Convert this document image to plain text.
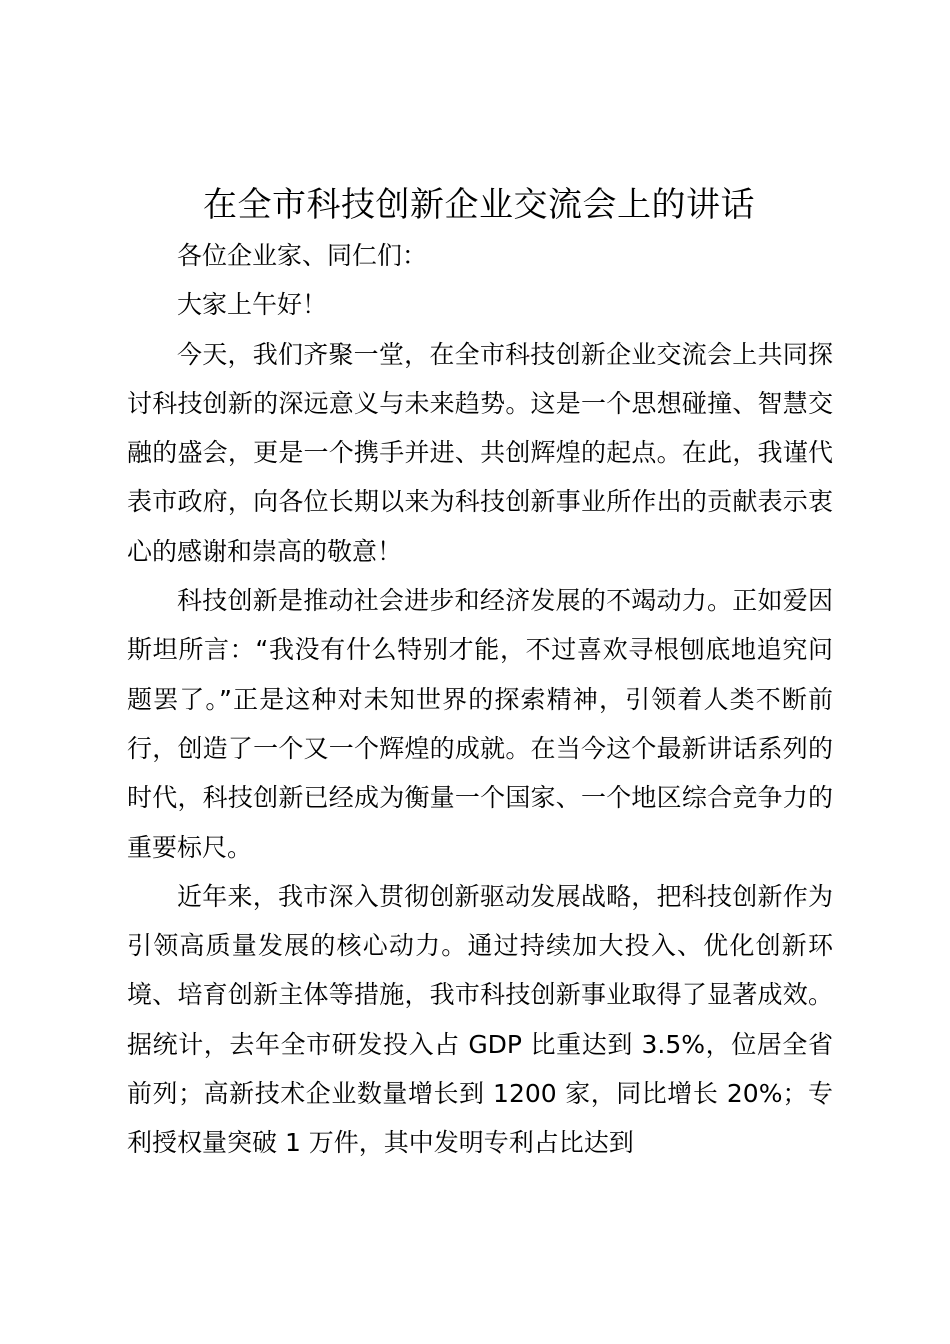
在全市科技创新企业交流会上的讲话

各位企业家、同仁们：

大家上午好！

今天，我们齐聚一堂，在全市科技创新企业交流会上共同探讨科技创新的深远意义与未来趋势。这是一个思想碰撞、智慧交融的盛会，更是一个携手并进、共创辉煌的起点。在此，我谨代表市政府，向各位长期以来为科技创新事业所作出的贡献表示衷心的感谢和崇高的敬意！

科技创新是推动社会进步和经济发展的不竭动力。正如爱因斯坦所言：“我没有什么特别才能，不过喜欢寻根刨底地追究问题罢了。”正是这种对未知世界的探索精神，引领着人类不断前行，创造了一个又一个辉煌的成就。在当今这个最新讲话系列的时代，科技创新已经成为衡量一个国家、一个地区综合竞争力的重要标尺。

近年来，我市深入贯彻创新驱动发展战略，把科技创新作为引领高质量发展的核心动力。通过持续加大投入、优化创新环境、培育创新主体等措施，我市科技创新事业取得了显著成效。据统计，去年全市研发投入占 GDP 比重达到 3.5%，位居全省前列；高新技术企业数量增长到 1200 家，同比增长 20%；专利授权量突破 1 万件，其中发明专利占比达到
